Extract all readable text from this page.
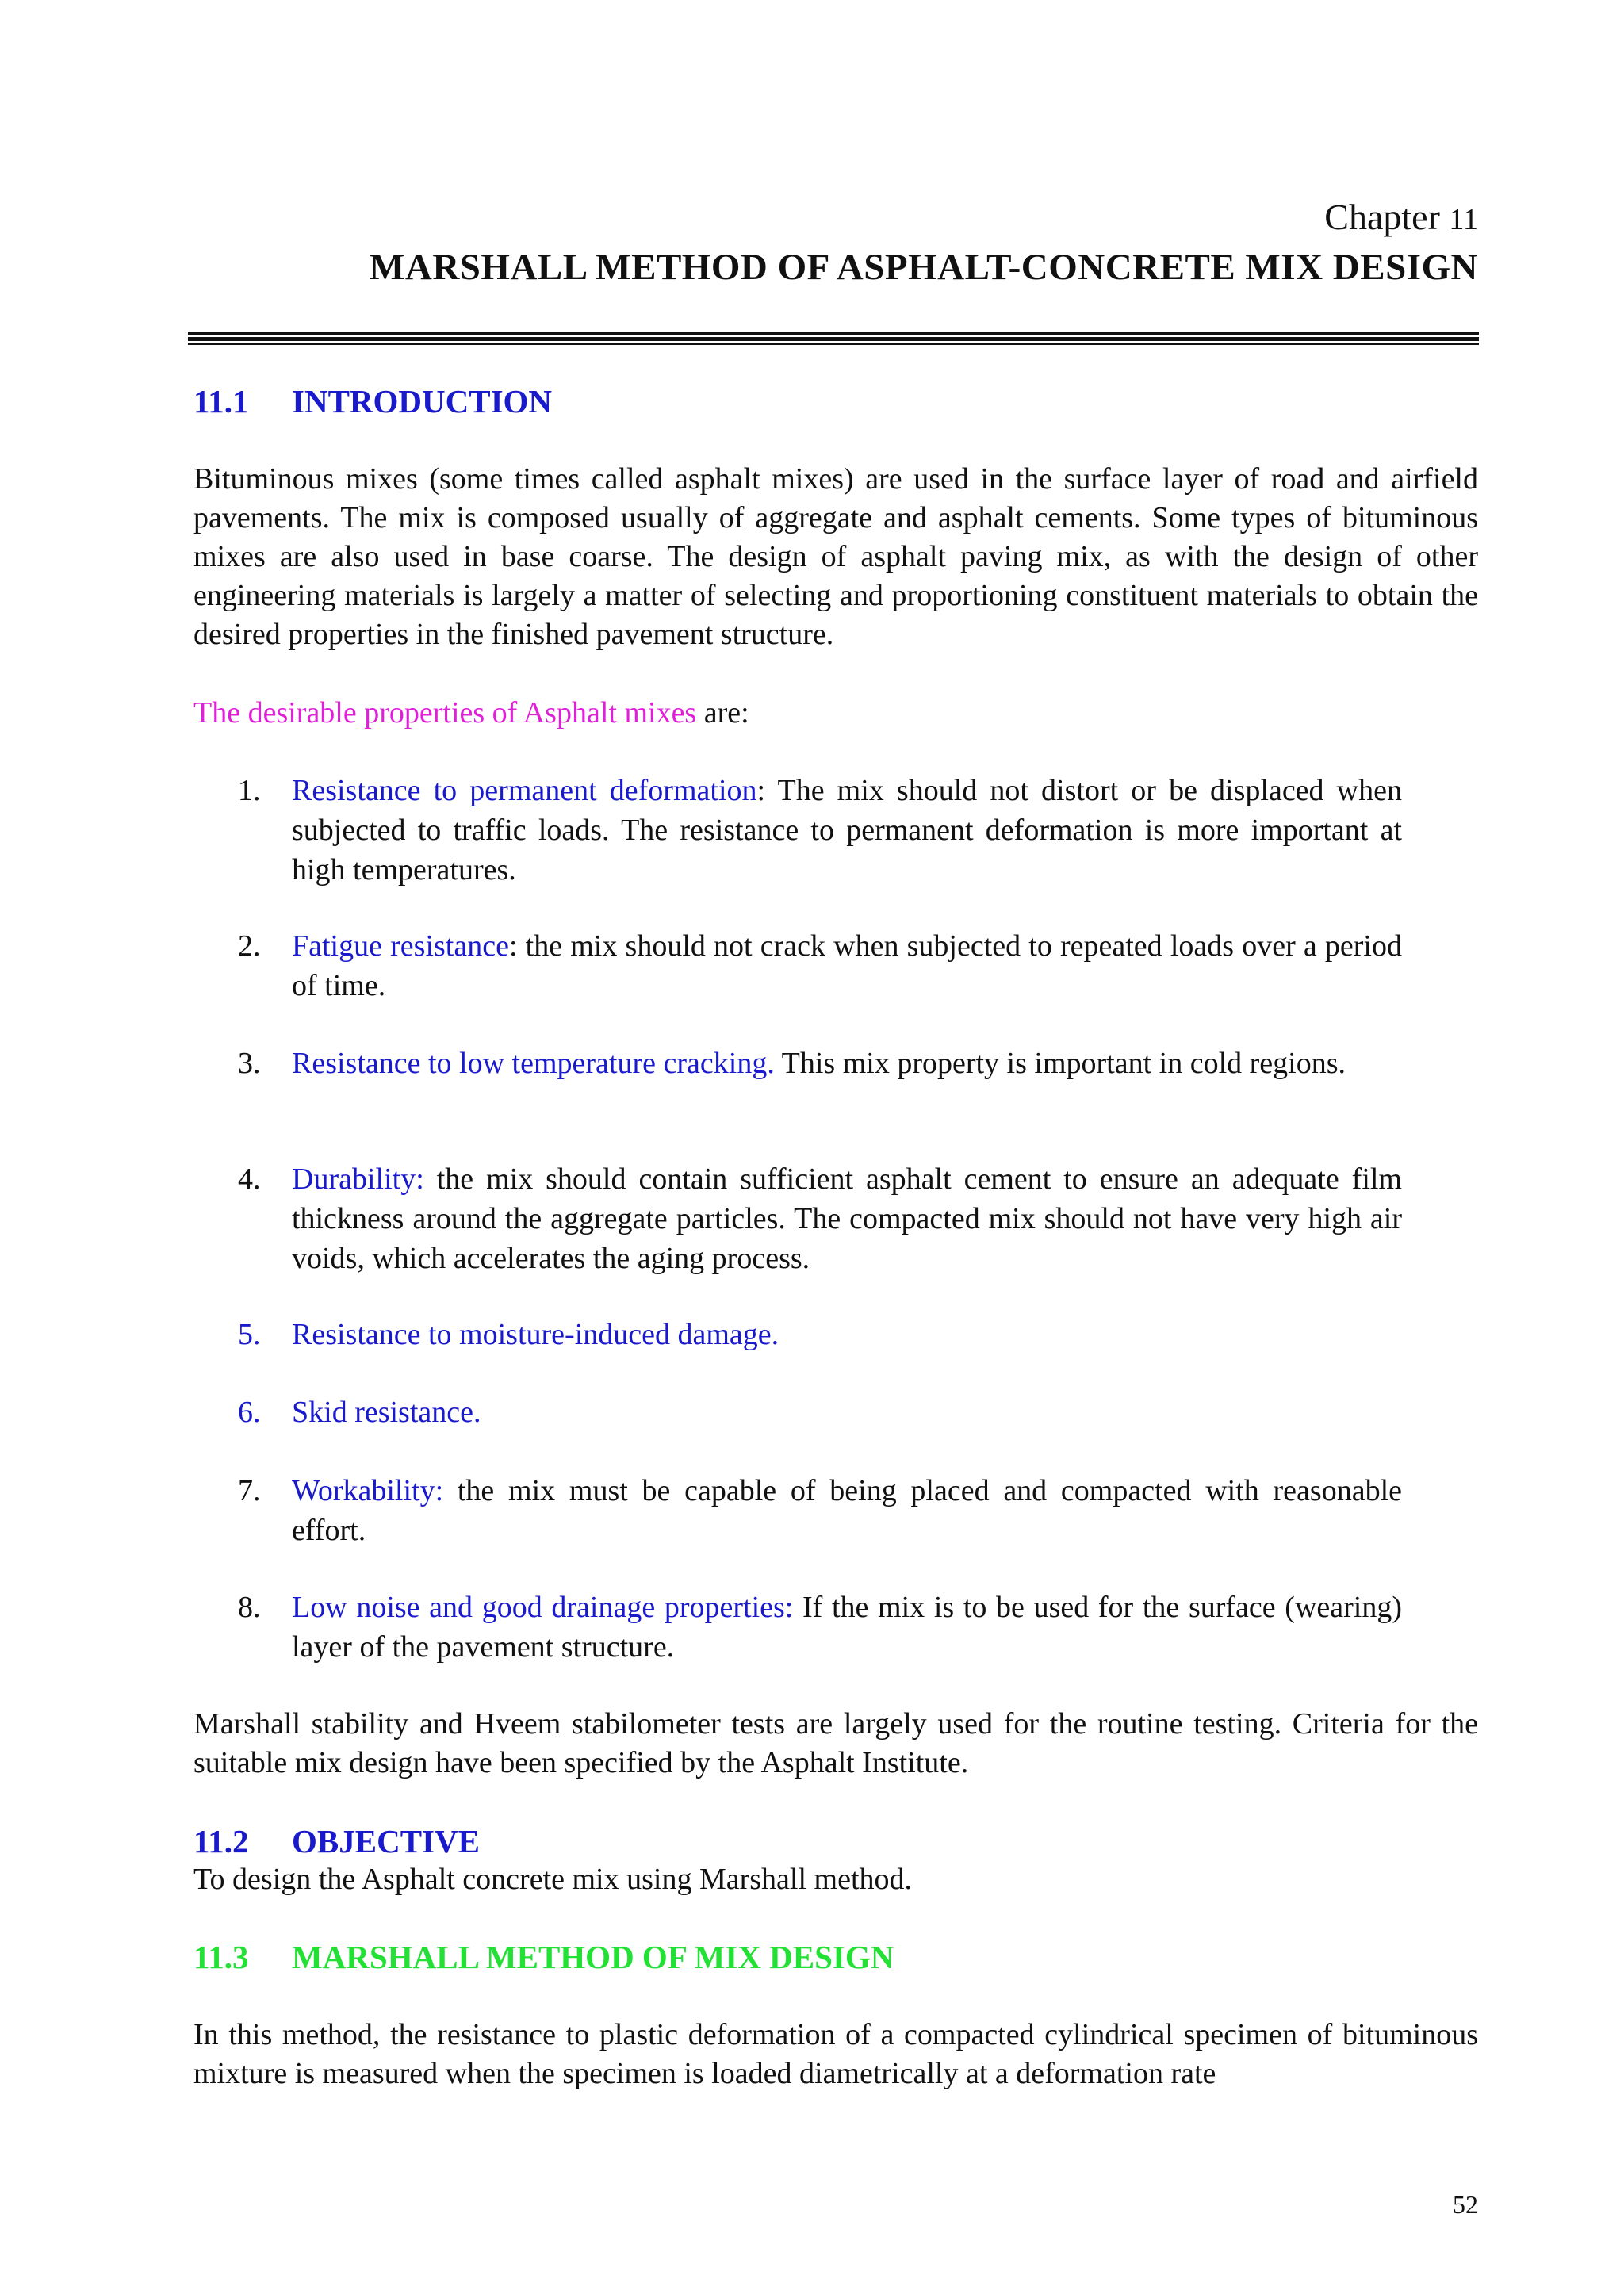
Chapter 11
MARSHALL METHOD OF ASPHALT-CONCRETE MIX DESIGN
11.1 INTRODUCTION
Bituminous mixes (some times called asphalt mixes) are used in the surface layer of road and airfield pavements. The mix is composed usually of aggregate and asphalt cements. Some types of bituminous mixes are also used in base coarse. The design of asphalt paving mix, as with the design of other engineering materials is largely a matter of selecting and proportioning constituent materials to obtain the desired properties in the finished pavement structure.
The desirable properties of Asphalt mixes are:
1.	Resistance to permanent deformation: The mix should not distort or be displaced when subjected to traffic loads. The resistance to permanent deformation is more important at high temperatures.
2.	Fatigue resistance: the mix should not crack when subjected to repeated loads over a period of time.
3.	Resistance to low temperature cracking. This mix property is important in cold regions.
4.	Durability: the mix should contain sufficient asphalt cement to ensure an adequate film thickness around the aggregate particles. The compacted mix should not have very high air voids, which accelerates the aging process.
5.	Resistance to moisture-induced damage.
6.	Skid resistance.
7.	Workability: the mix must be capable of being placed and compacted with reasonable effort.
8.	Low noise and good drainage properties: If the mix is to be used for the surface (wearing) layer of the pavement structure.
Marshall stability and Hveem stabilometer tests are largely used for the routine testing. Criteria for the suitable mix design have been specified by the Asphalt Institute.
11.2 OBJECTIVE
To design the Asphalt concrete mix using Marshall method.
11.3 MARSHALL METHOD OF MIX DESIGN
In this method, the resistance to plastic deformation of a compacted cylindrical specimen of bituminous mixture is measured when the specimen is loaded diametrically at a deformation rate
52
